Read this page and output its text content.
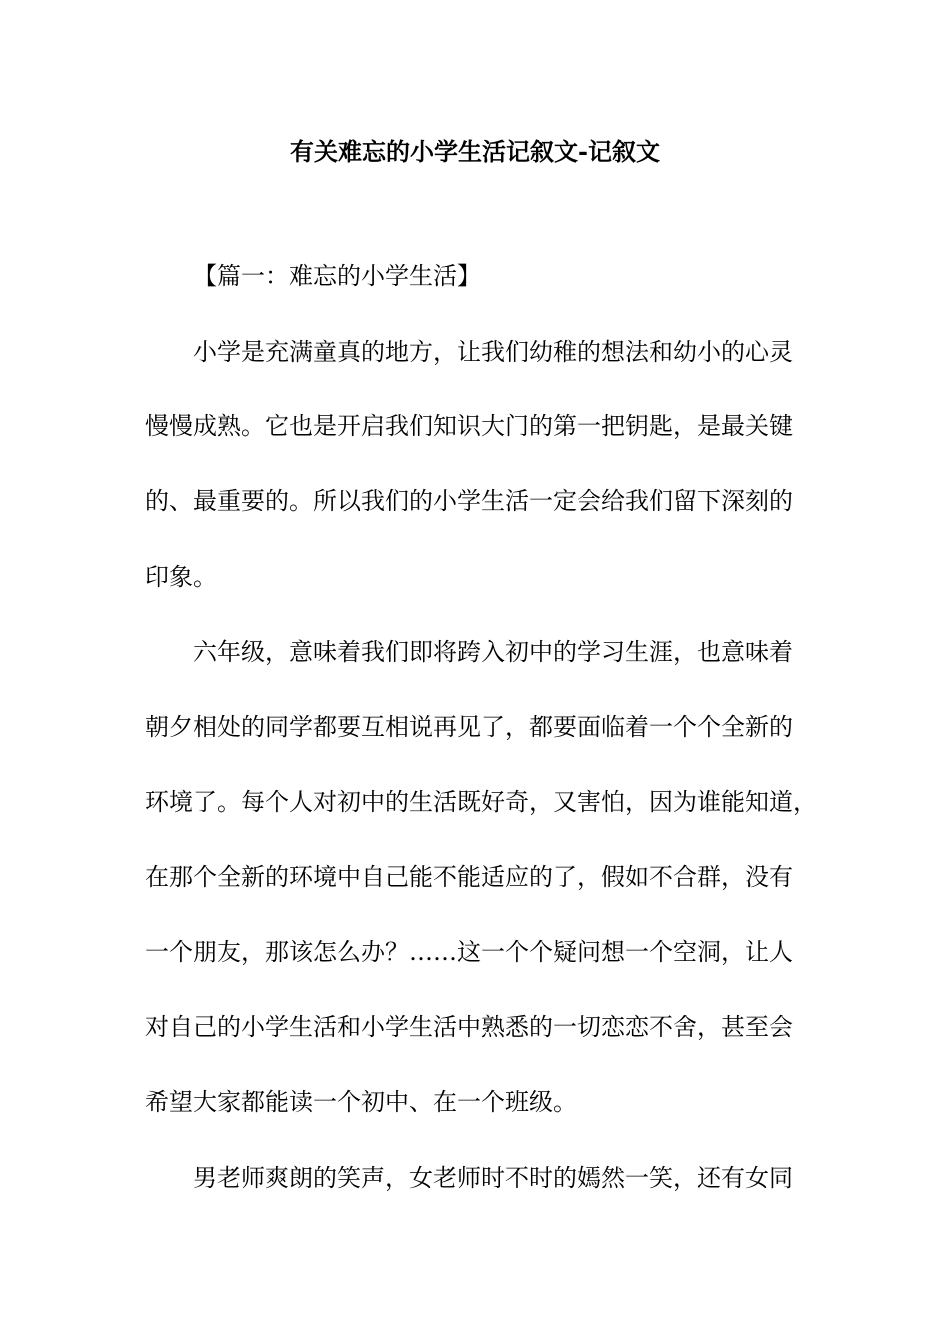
有关难忘的小学生活记叙文-记叙文

【篇一：难忘的小学生活】

小学是充满童真的地方，让我们幼稚的想法和幼小的心灵

慢慢成熟。它也是开启我们知识大门的第一把钥匙，是最关键

的、最重要的。所以我们的小学生活一定会给我们留下深刻的

印象。

六年级，意味着我们即将跨入初中的学习生涯，也意味着

朝夕相处的同学都要互相说再见了，都要面临着一个个全新的

环境了。每个人对初中的生活既好奇，又害怕，因为谁能知道，

在那个全新的环境中自己能不能适应的了，假如不合群，没有

一个朋友，那该怎么办？……这一个个疑问想一个空洞，让人

对自己的小学生活和小学生活中熟悉的一切恋恋不舍，甚至会

希望大家都能读一个初中、在一个班级。

男老师爽朗的笑声，女老师时不时的嫣然一笑，还有女同
